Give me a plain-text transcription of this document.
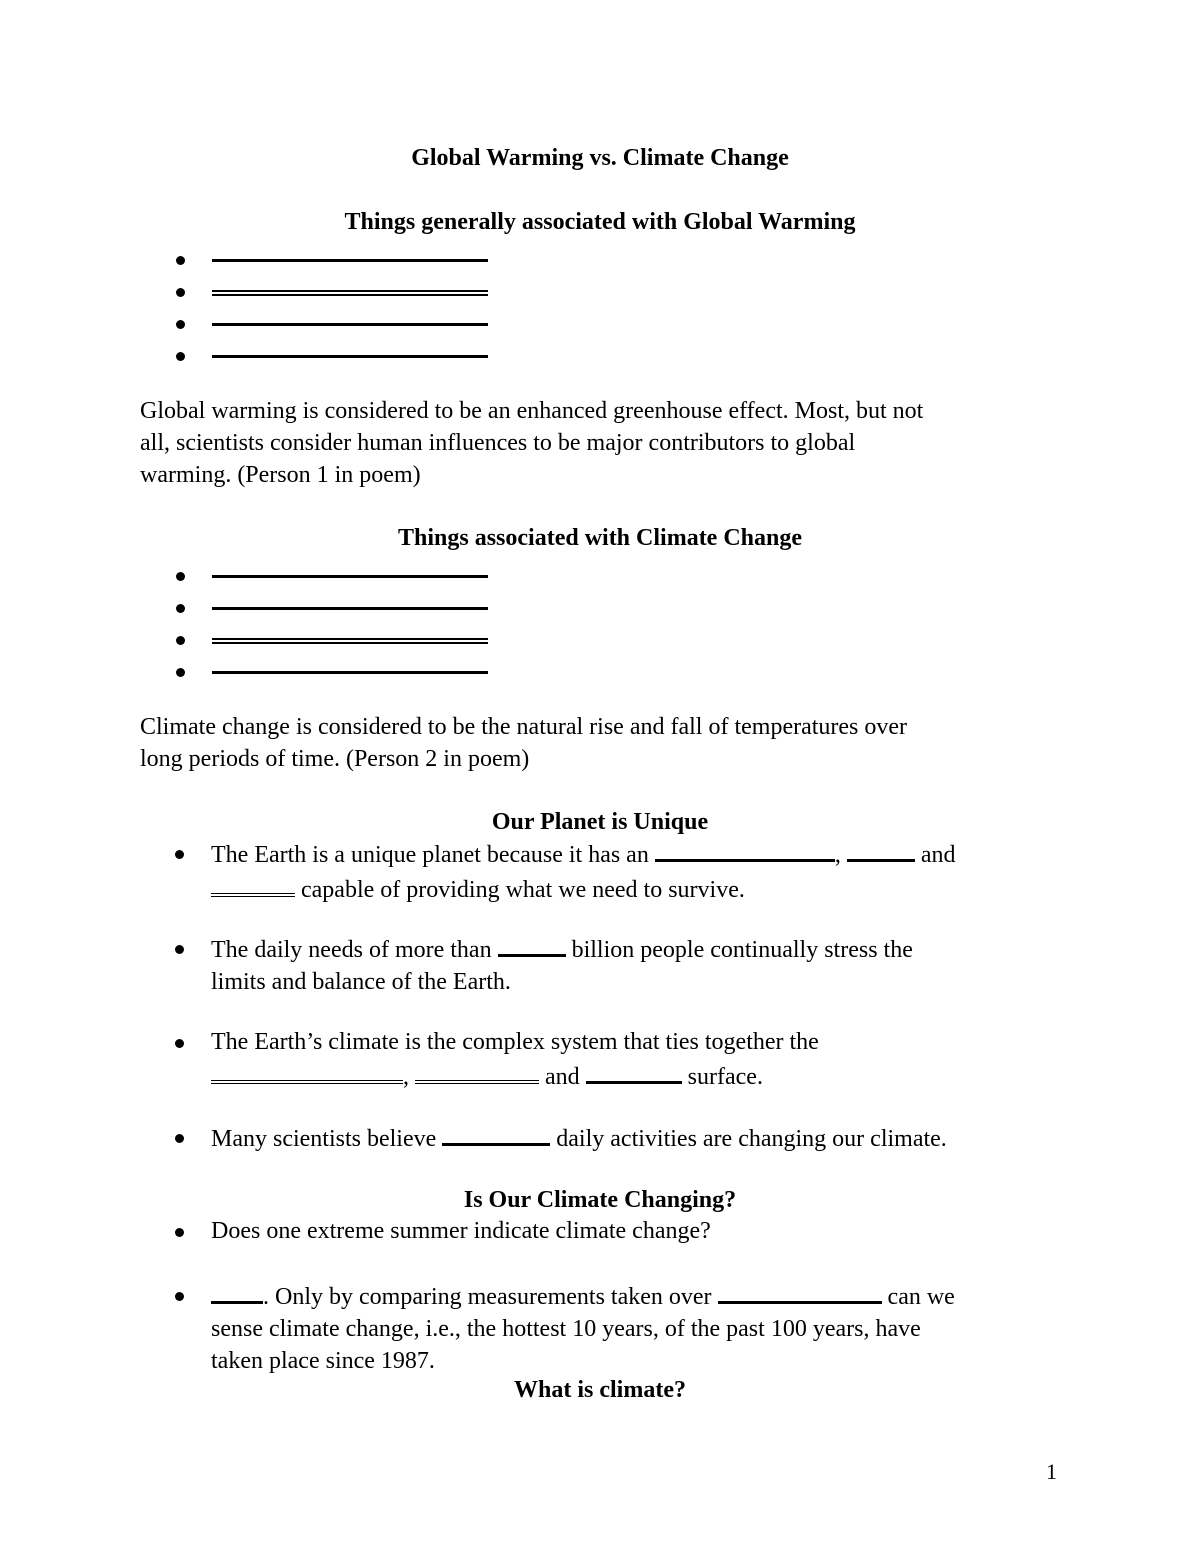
Global Warming vs. Climate Change
Things generally associated with Global Warming
Global warming is considered to be an enhanced greenhouse effect. Most, but not
all, scientists consider human influences to be major contributors to global
warming. (Person 1 in poem)
Things associated with Climate Change
Climate change is considered to be the natural rise and fall of temperatures over
long periods of time. (Person 2 in poem)
Our Planet is Unique
The Earth is a unique planet because it has an	,	and
capable of providing what we need to survive.
The daily needs of more than	billion people continually stress the
limits and balance of the Earth.
The Earth’s climate is the complex system that ties together the
,	and	surface.
Many scientists believe	daily activities are changing our climate.
Is Our Climate Changing?
Does one extreme summer indicate climate change?
. Only by comparing measurements taken over	can we
sense climate change, i.e., the hottest 10 years, of the past 100 years, have
taken place since 1987.
What is climate?
1
